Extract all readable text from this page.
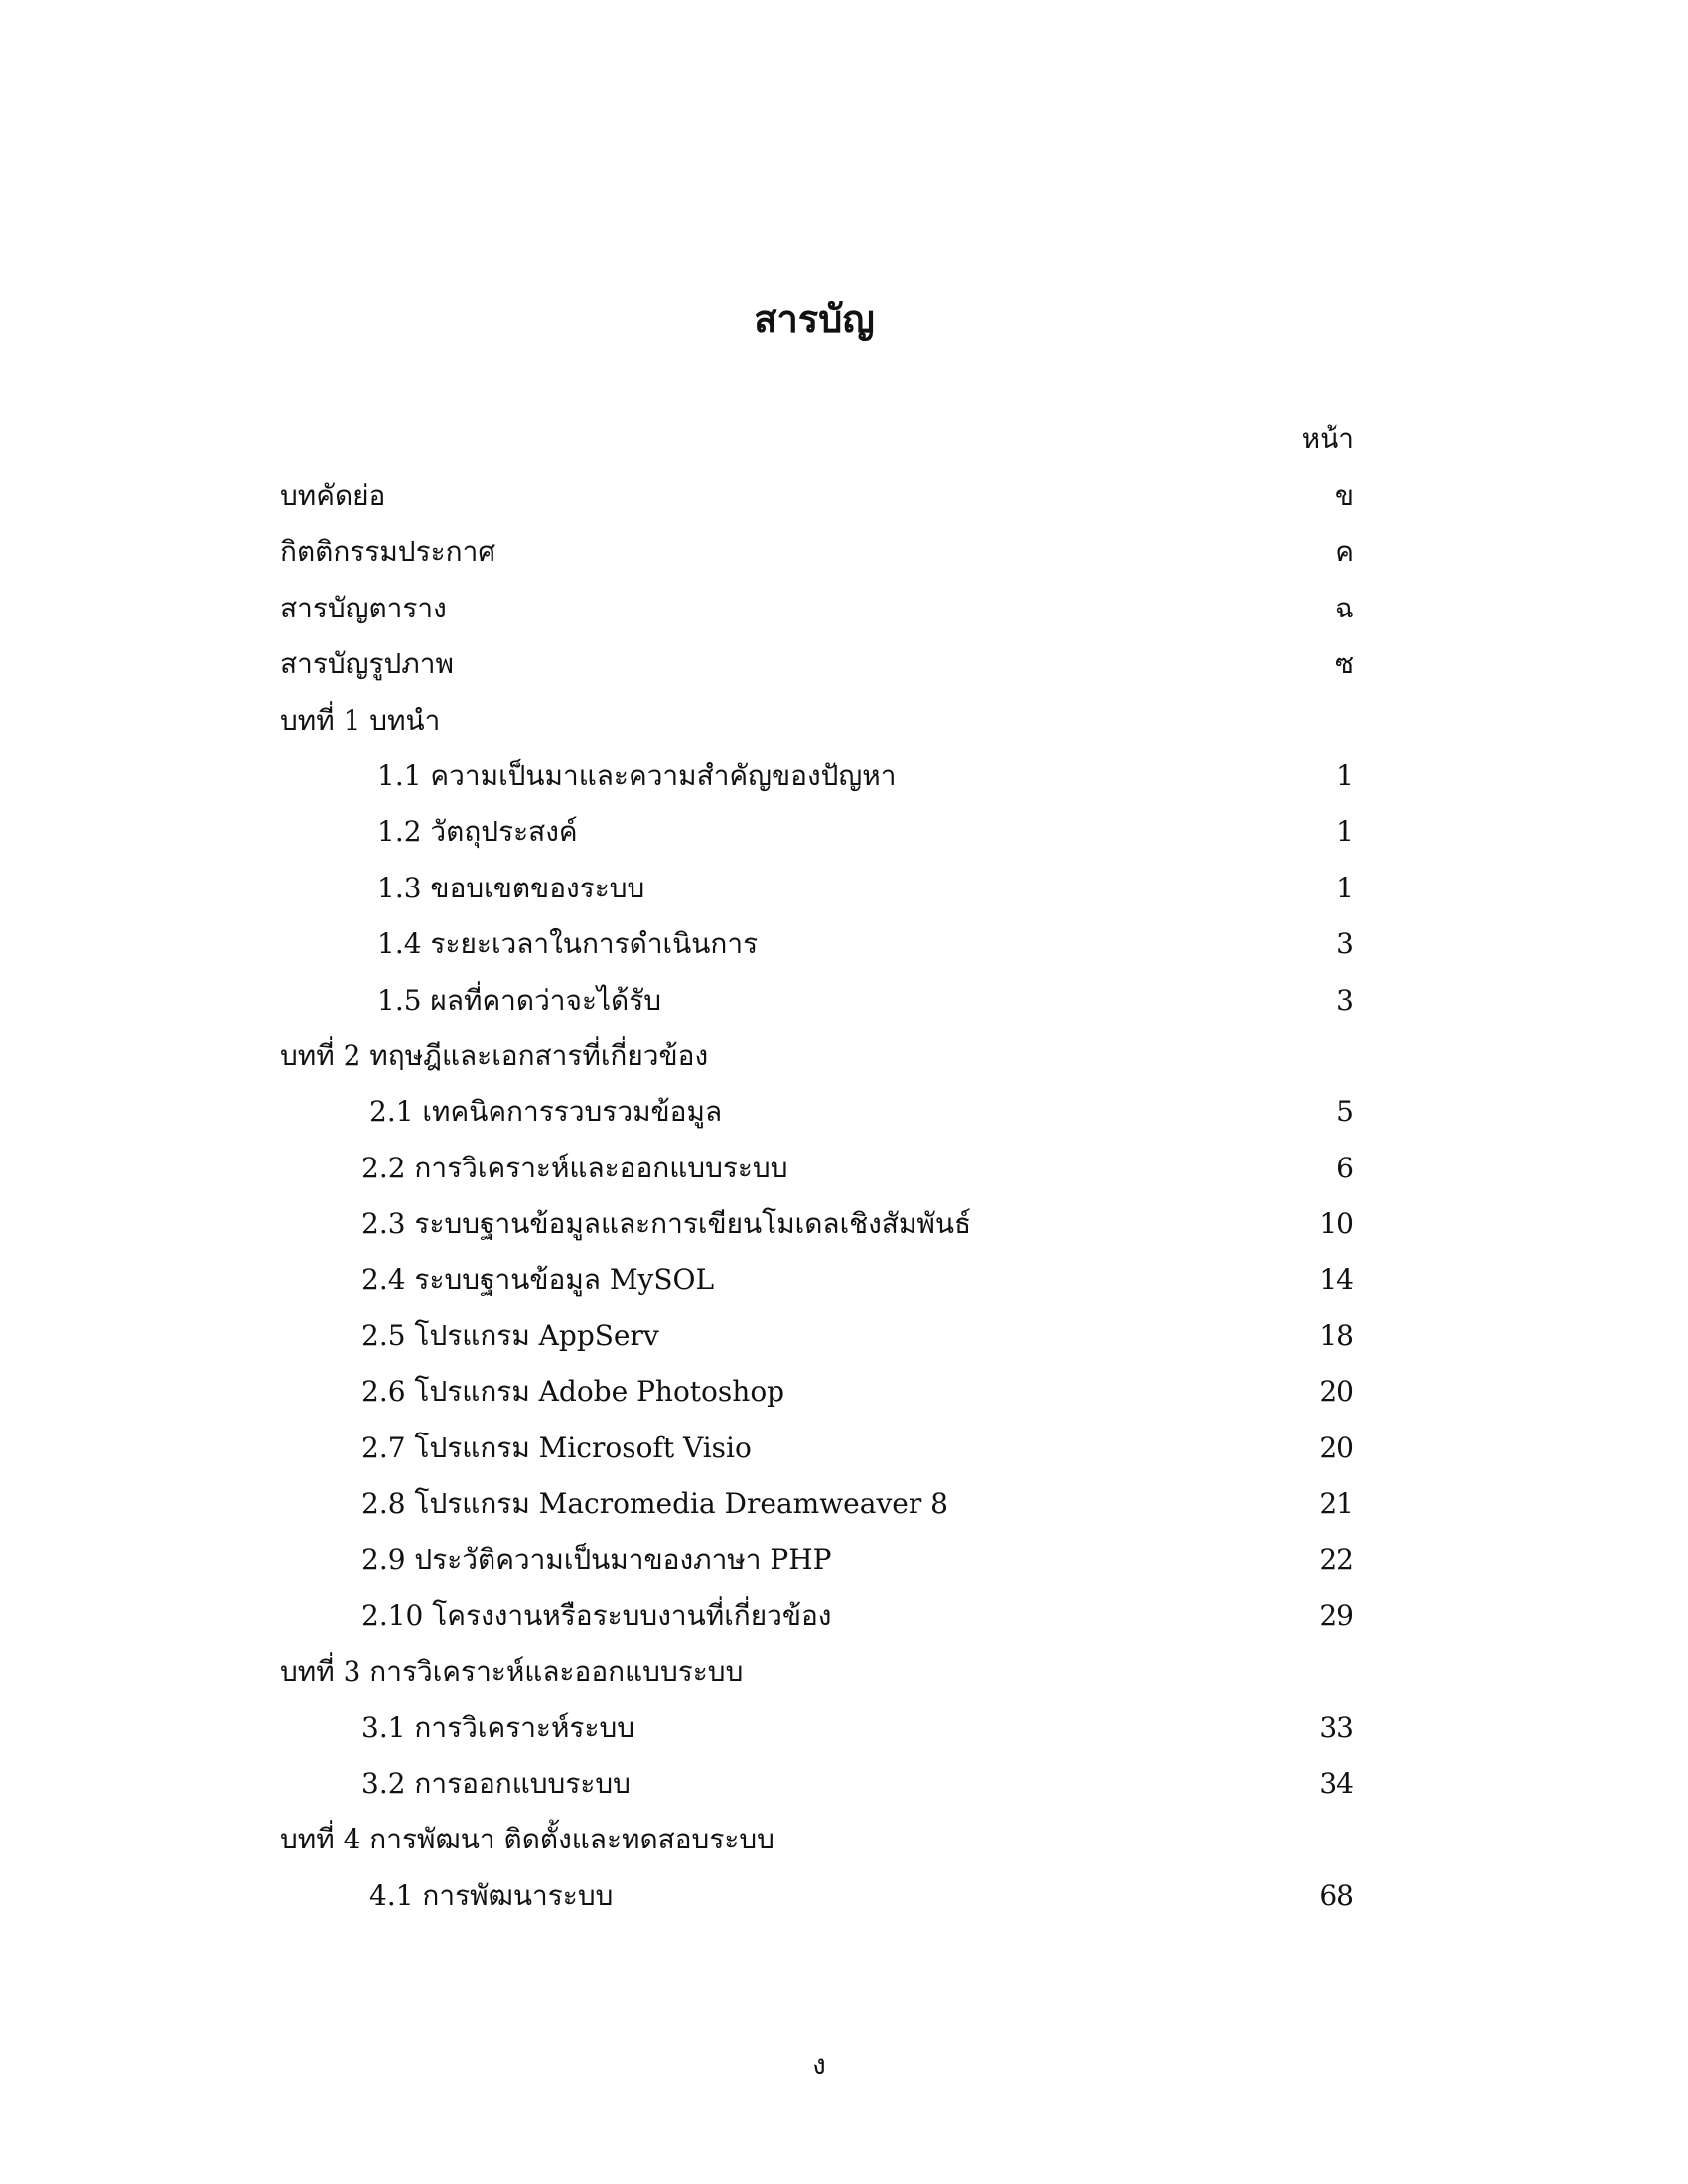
สารบัญ
หน้า
บทคัดย่อ	ข
กิตติกรรมประกาศ	ค
สารบัญตาราง	ฉ
สารบัญรูปภาพ	ซ
บทที่ 1 บทนำ
1.1 ความเป็นมาและความสำคัญของปัญหา	1
1.2 วัตถุประสงค์	1
1.3 ขอบเขตของระบบ	1
1.4 ระยะเวลาในการดำเนินการ	3
1.5 ผลที่คาดว่าจะได้รับ	3
บทที่ 2 ทฤษฎีและเอกสารที่เกี่ยวข้อง
2.1 เทคนิคการรวบรวมข้อมูล	5
2.2 การวิเคราะห์และออกแบบระบบ	6
2.3 ระบบฐานข้อมูลและการเขียนโมเดลเชิงสัมพันธ์	10
2.4 ระบบฐานข้อมูล MySOL	14
2.5 โปรแกรม AppServ	18
2.6 โปรแกรม Adobe Photoshop	20
2.7 โปรแกรม Microsoft Visio	20
2.8 โปรแกรม Macromedia Dreamweaver 8	21
2.9 ประวัติความเป็นมาของภาษา PHP	22
2.10 โครงงานหรือระบบงานที่เกี่ยวข้อง	29
บทที่ 3 การวิเคราะห์และออกแบบระบบ
3.1 การวิเคราะห์ระบบ	33
3.2 การออกแบบระบบ	34
บทที่ 4 การพัฒนา ติดตั้งและทดสอบระบบ
4.1 การพัฒนาระบบ	68
ง
